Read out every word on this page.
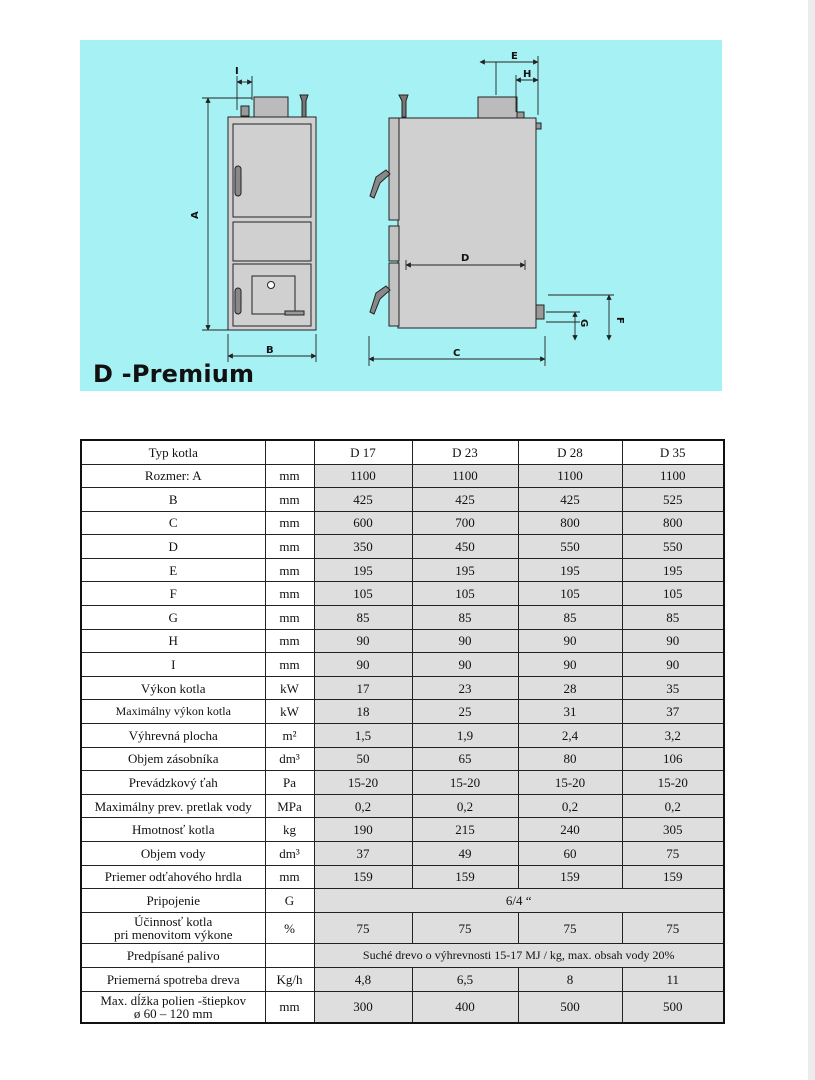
A
B	C
D
E
F
G
H
I
D -Premium
Typ kotla		D 17	D 23	D 28	D 35
Rozmer: A	mm	1100	1100	1100	1100
B	mm	425	425	425	525
C	mm	600	700	800	800
D	mm	350	450	550	550
E	mm	195	195	195	195
F	mm	105	105	105	105
G	mm	85	85	85	85
H	mm	90	90	90	90
I	mm	90	90	90	90
Výkon kotla	kW	17	23	28	35
Maximálny výkon kotla	kW	18	25	31	37
Výhrevná plocha	m²	1,5	1,9	2,4	3,2
Objem zásobníka	dm³	50	65	80	106
Prevádzkový ťah	Pa	15-20	15-20	15-20	15-20
Maximálny prev. pretlak vody	MPa	0,2	0,2	0,2	0,2
Hmotnosť kotla	kg	190	215	240	305
Objem vody	dm³	37	49	60	75
Priemer odťahového hrdla	mm	159	159	159	159
Pripojenie	G	6/4 “			

Účinnosť kotla
pri menovitom výkone	%	75	75	75	75
Predpísané palivo		Suché drevo o výhrevnosti 15-17 MJ / kg, max. obsah vody 20%			
Priemerná spotreba dreva	Kg/h	4,8	6,5	8	11

Max. dĺžka polien -štiepkov
ø 60 – 120 mm	mm	300	400	500	500
